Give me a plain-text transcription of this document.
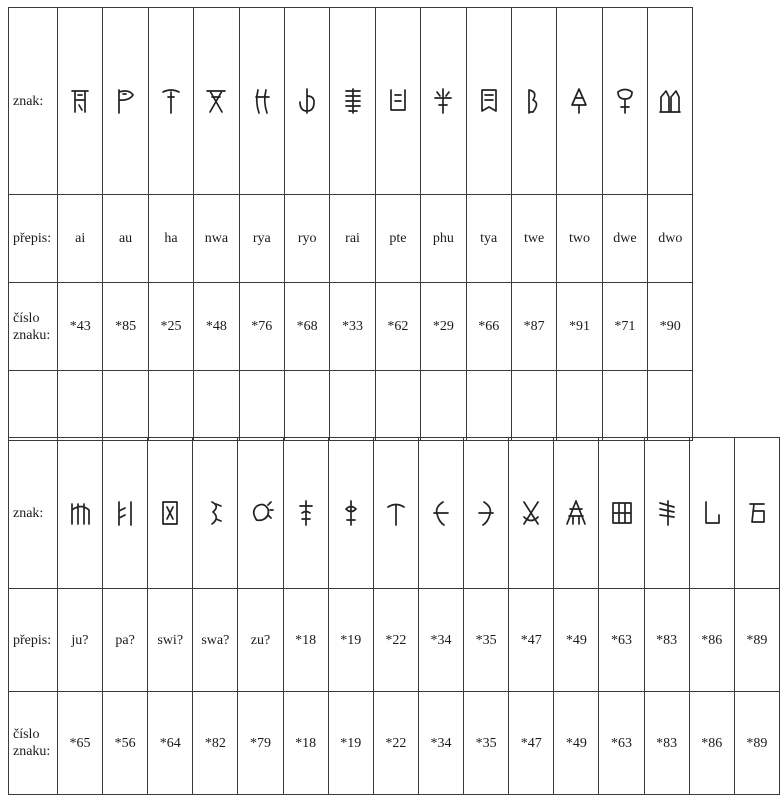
znak:	

přepis:	ai	au	ha	nwa	rya	ryo	rai	pte	phu	tya	twe	two	dwe	dwo
číslo
znaku:	*43	*85	*25	*48	*76	*68	*33	*62	*29	*66	*87	*91	*71	*90

znak:	

přepis:	ju?	pa?	swi?	swa?	zu?	*18	*19	*22	*34	*35	*47	*49	*63	*83	*86	*89
číslo
znaku:	*65	*56	*64	*82	*79	*18	*19	*22	*34	*35	*47	*49	*63	*83	*86	*89
